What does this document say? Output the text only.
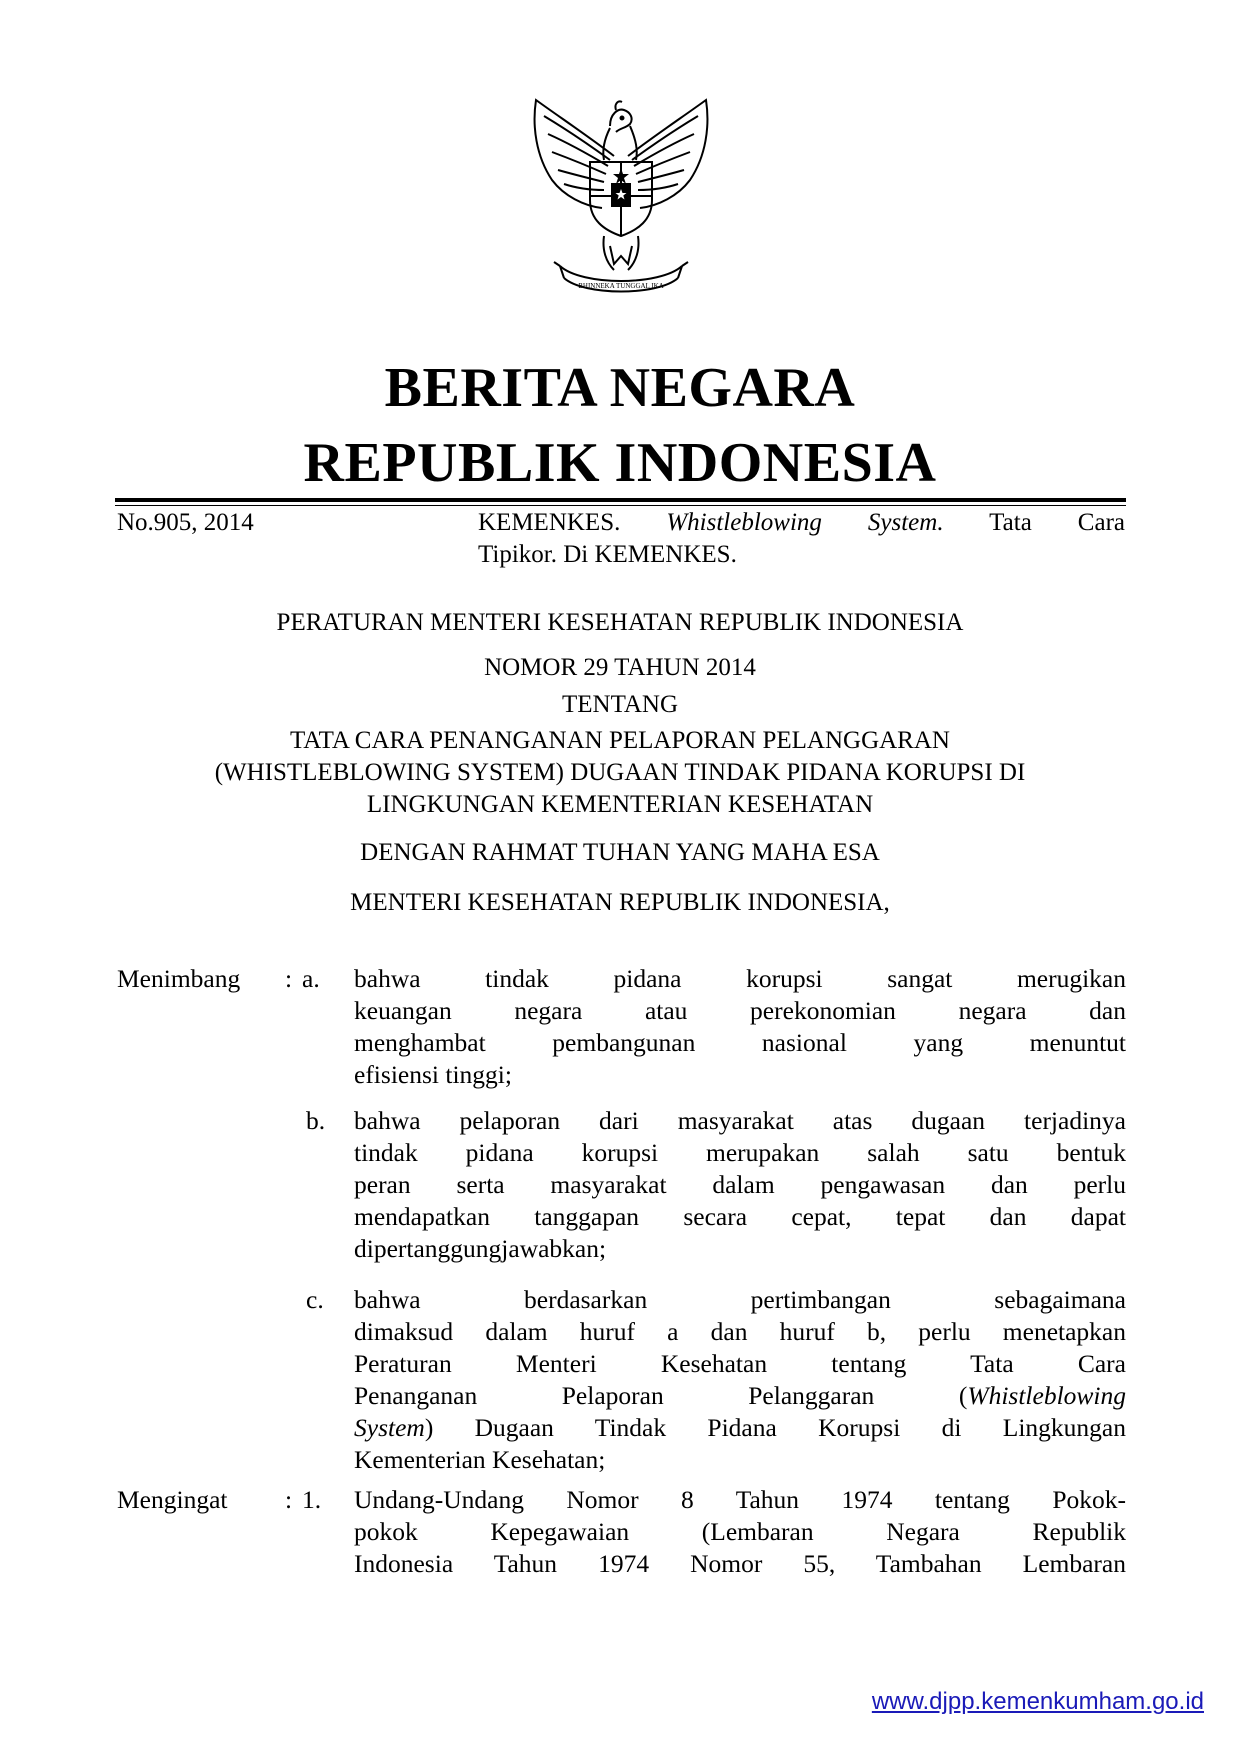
BHINNEKA TUNGGAL IKA
BERITA NEGARA
REPUBLIK INDONESIA
No.905, 2014	KEMENKES. Whistleblowing System. Tata Cara
Tipikor. Di KEMENKES.
PERATURAN MENTERI KESEHATAN REPUBLIK INDONESIA
NOMOR 29 TAHUN 2014
TENTANG
TATA CARA PENANGANAN PELAPORAN PELANGGARAN
(WHISTLEBLOWING SYSTEM) DUGAAN TINDAK PIDANA KORUPSI DI
LINGKUNGAN KEMENTERIAN KESEHATAN
DENGAN RAHMAT TUHAN YANG MAHA ESA
MENTERI KESEHATAN REPUBLIK INDONESIA,
Menimbang : a. bahwa tindak pidana korupsi sangat merugikan
keuangan negara atau perekonomian negara dan
menghambat pembangunan nasional yang menuntut
efisiensi tinggi;
b. bahwa pelaporan dari masyarakat atas dugaan terjadinya
tindak pidana korupsi merupakan salah satu bentuk
peran serta masyarakat dalam pengawasan dan perlu
mendapatkan tanggapan secara cepat, tepat dan dapat
dipertanggungjawabkan;
c. bahwa berdasarkan pertimbangan sebagaimana
dimaksud dalam huruf a dan huruf b, perlu menetapkan
Peraturan Menteri Kesehatan tentang Tata Cara
Penanganan Pelaporan Pelanggaran (Whistleblowing
System) Dugaan Tindak Pidana Korupsi di Lingkungan
Kementerian Kesehatan;
Mengingat : 1. Undang-Undang Nomor 8 Tahun 1974 tentang Pokok-
pokok Kepegawaian (Lembaran Negara Republik
Indonesia Tahun 1974 Nomor 55, Tambahan Lembaran
www.djpp.kemenkumham.go.id
